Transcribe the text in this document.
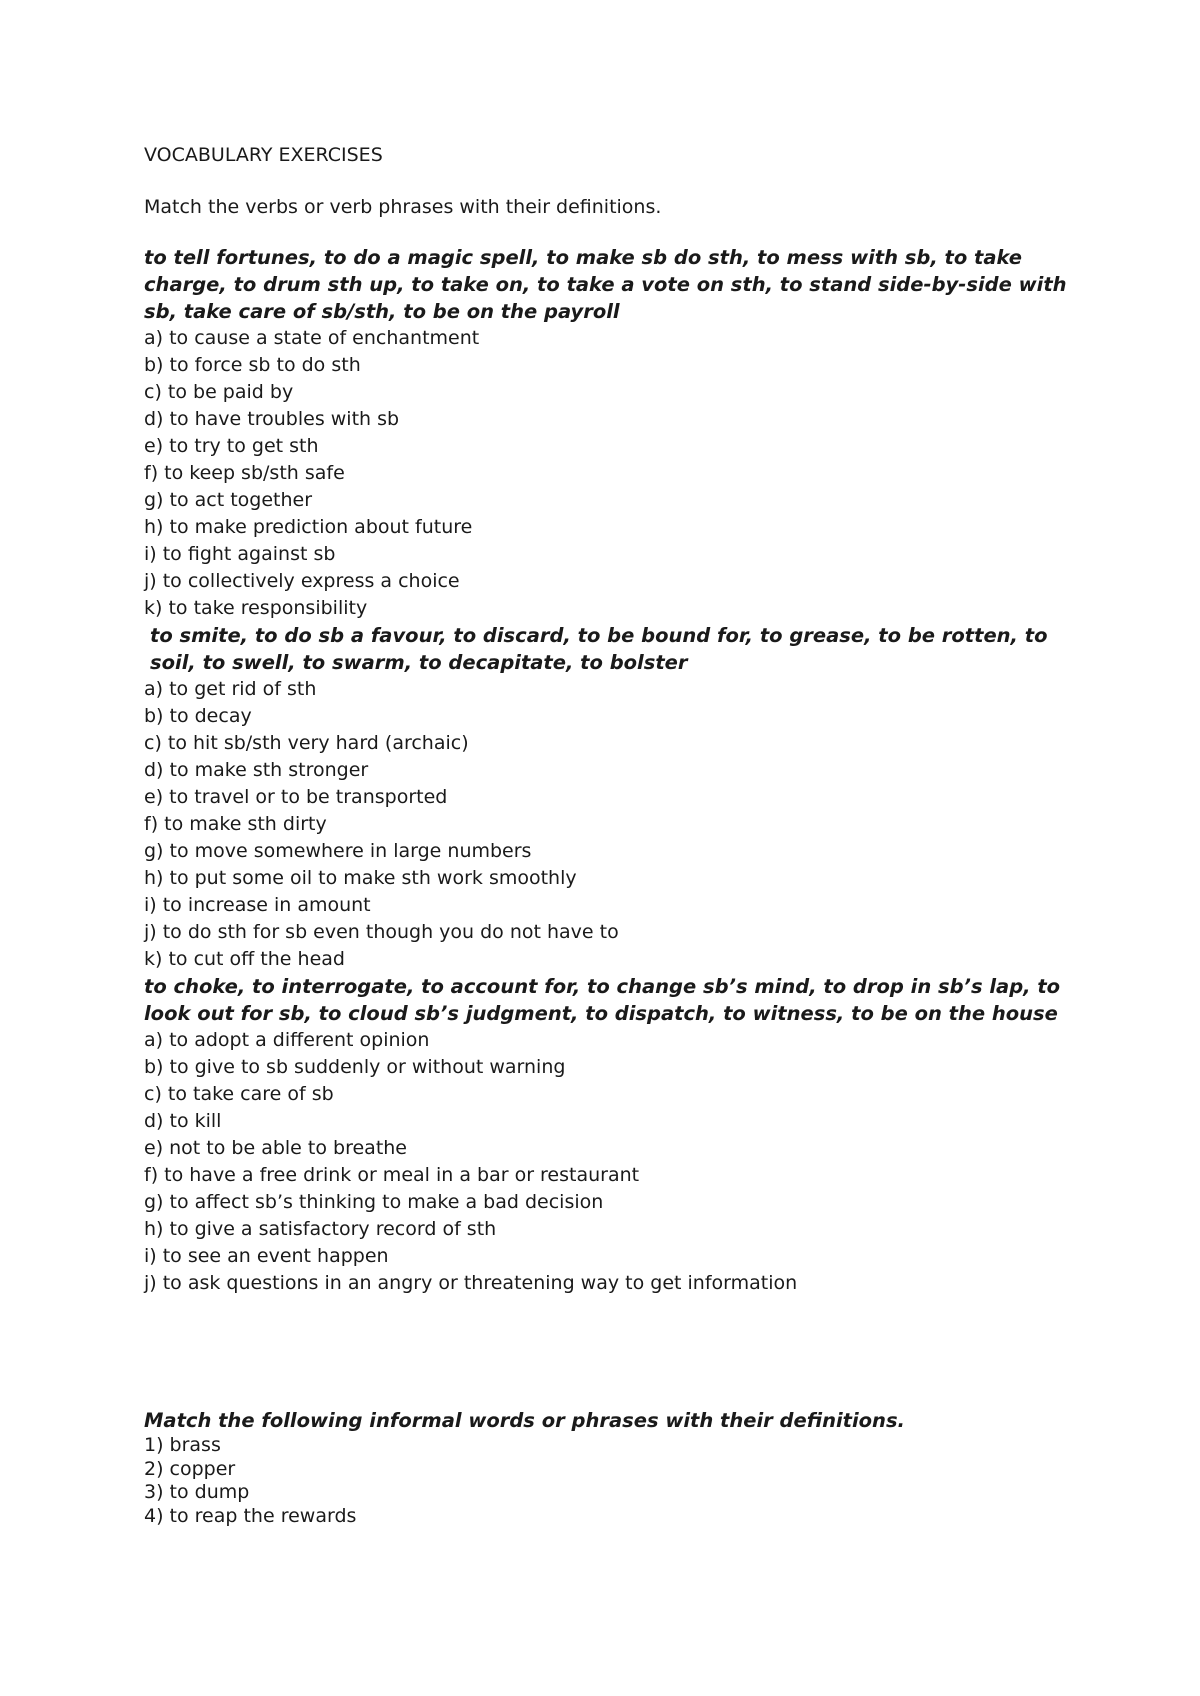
VOCABULARY EXERCISES

Match the verbs or verb phrases with their definitions.

to tell fortunes, to do a magic spell, to make sb do sth, to mess with sb, to take charge, to drum sth up, to take on, to take a vote on sth, to stand side-by-side with sb, take care of sb/sth, to be on the payroll

a) to cause a state of enchantment

b) to force sb to do sth

c) to be paid by

d) to have troubles with sb

e) to try to get sth

f) to keep sb/sth safe

g) to act together

h) to make prediction about future

i) to fight against sb

j) to collectively express a choice

k) to take responsibility

to smite, to do sb a favour, to discard, to be bound for, to grease, to be rotten, to soil, to swell, to swarm, to decapitate, to bolster

a) to get rid of sth

b) to decay

c) to hit sb/sth very hard (archaic)

d) to make sth stronger

e) to travel or to be transported

f) to make sth dirty

g) to move somewhere in large numbers

h) to put some oil to make sth work smoothly

i) to increase in amount

j) to do sth for sb even though you do not have to

k) to cut off the head

to choke, to interrogate, to account for, to change sb’s mind, to drop in sb’s lap, to look out for sb, to cloud sb’s judgment, to dispatch, to witness, to be on the house

a) to adopt a different opinion

b) to give to sb suddenly or without warning

c) to take care of sb

d) to kill

e) not to be able to breathe

f) to have a free drink or meal in a bar or restaurant

g) to affect sb’s thinking to make a bad decision

h) to give a satisfactory record of sth

i) to see an event happen

j) to ask questions in an angry or threatening way to get information

Match the following informal words or phrases with their definitions.

1) brass

2) copper

3) to dump

4) to reap the rewards
